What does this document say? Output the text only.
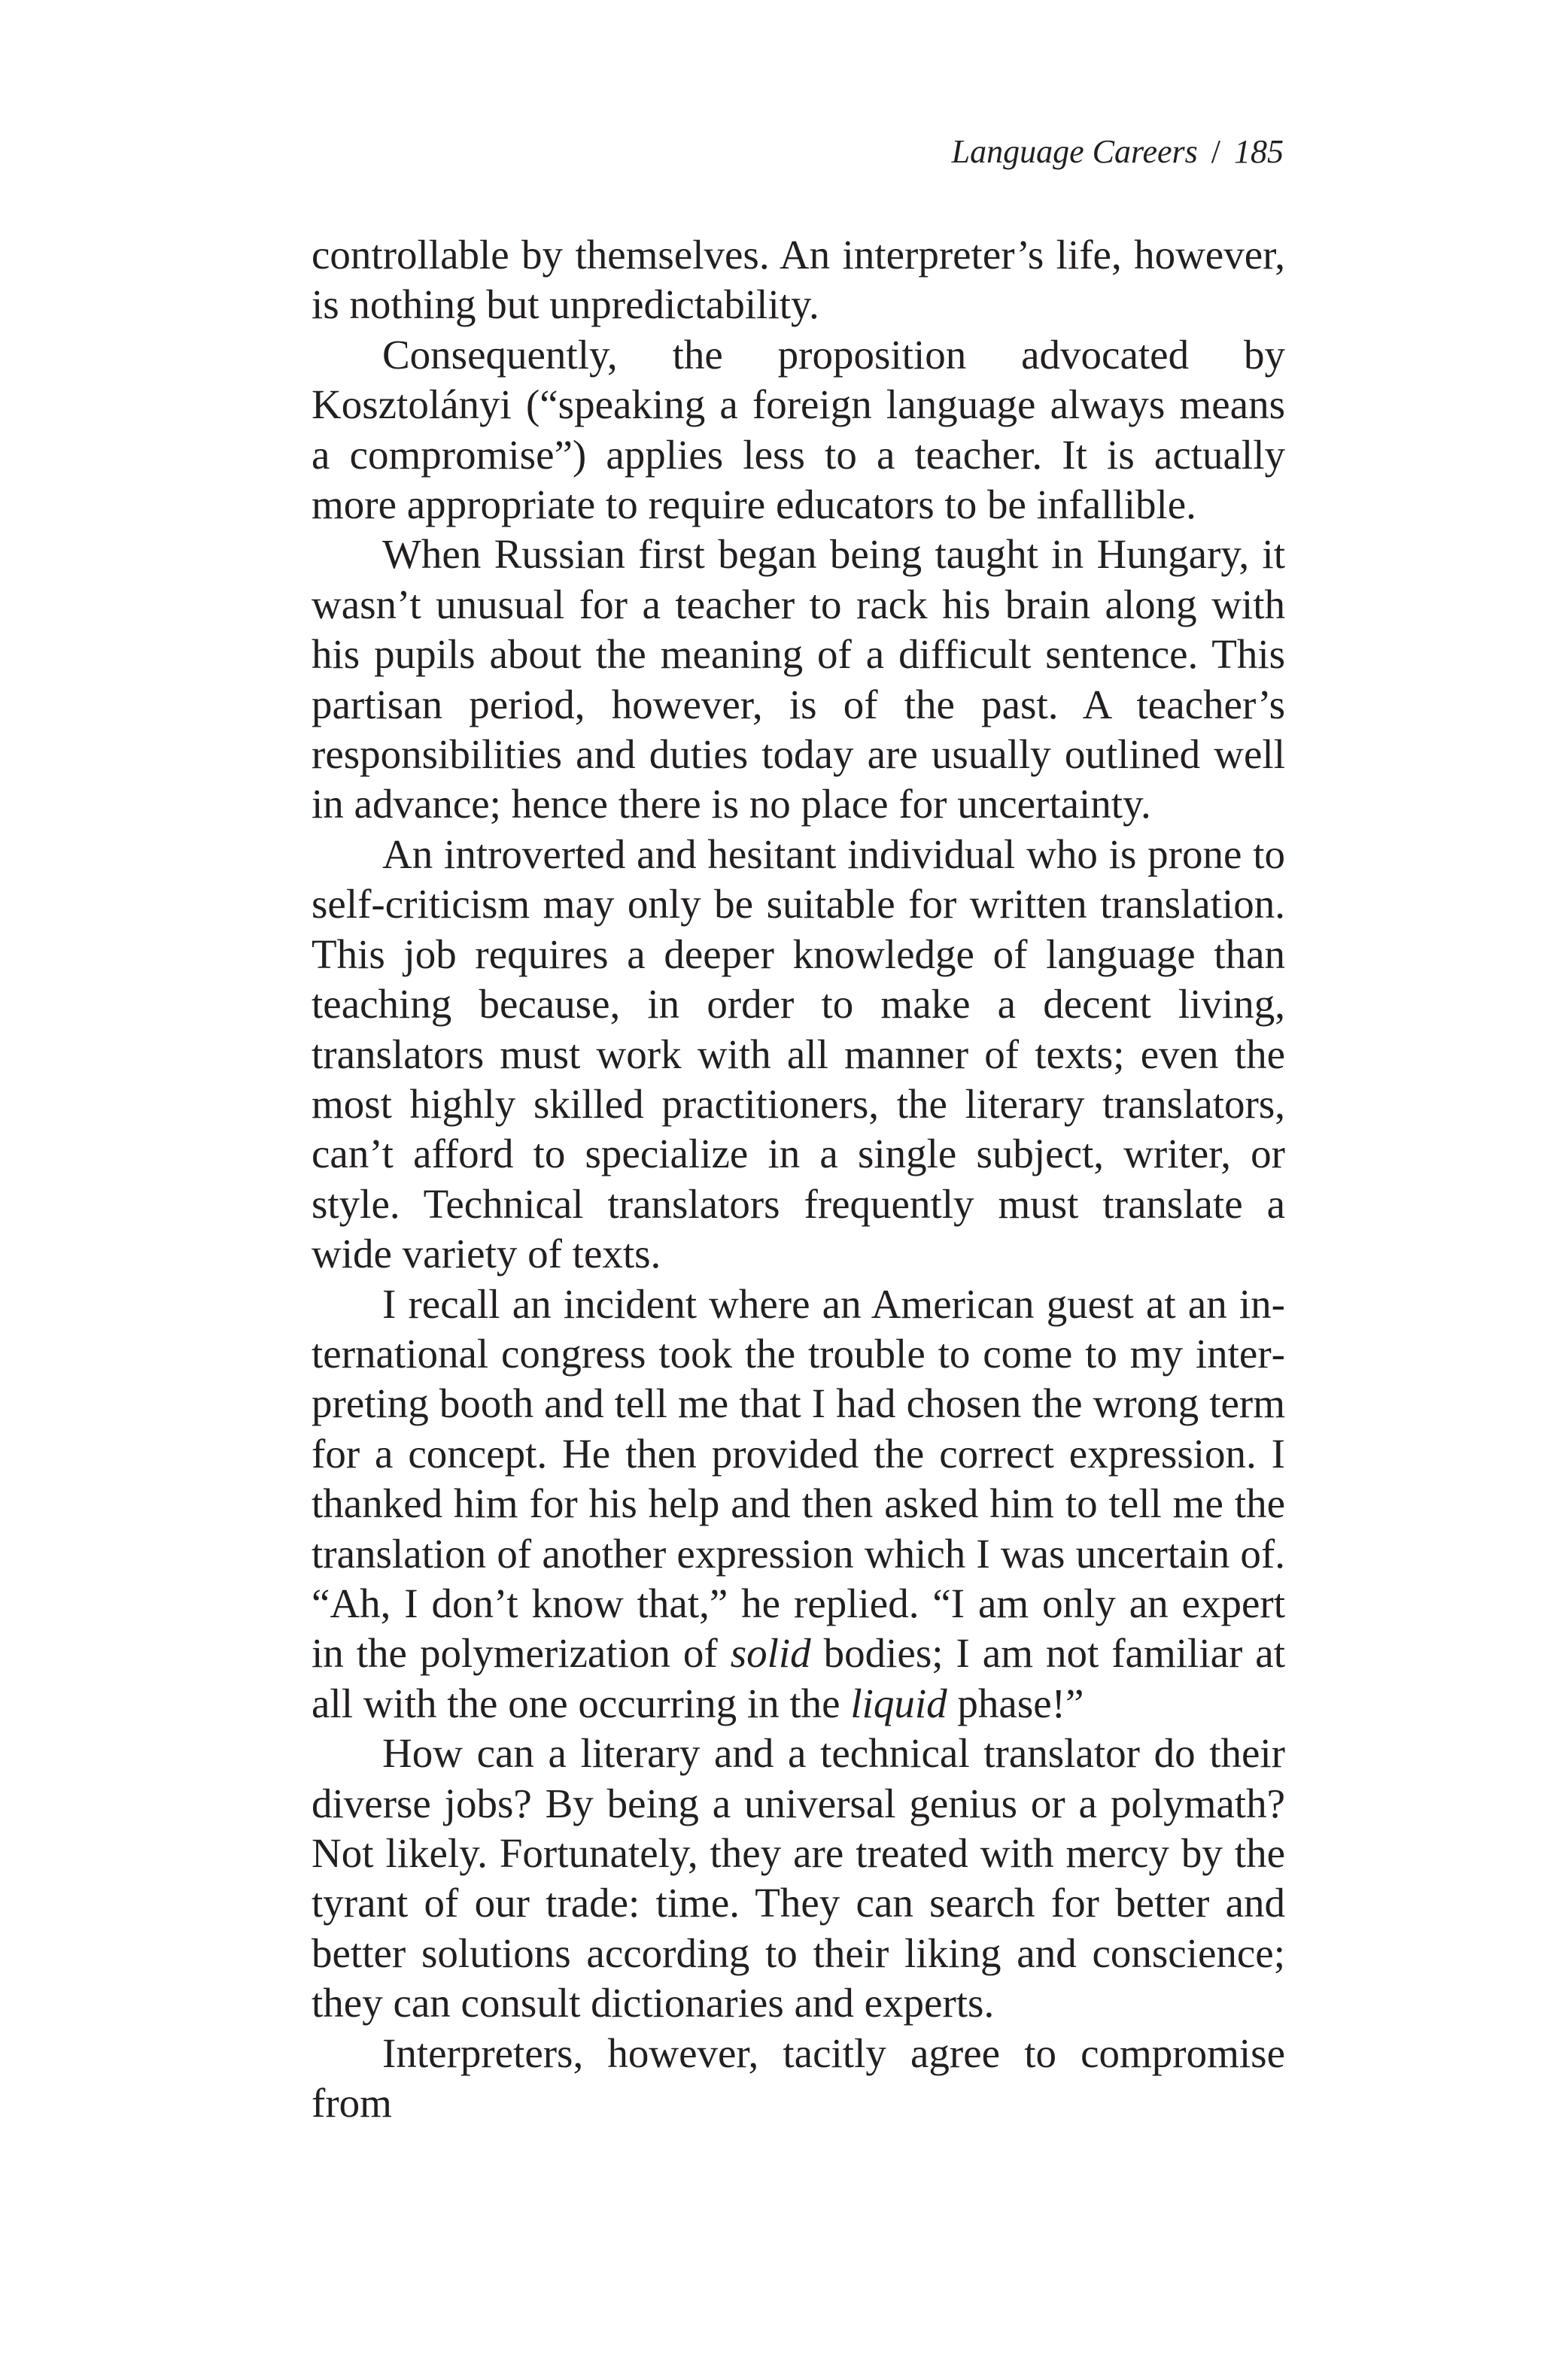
Language Careers / 185

controllable by themselves. An interpreter’s life, however, is nothing but unpredictability.

Consequently, the proposition advocated by Kosztolányi (“speaking a foreign language always means a compromise”) applies less to a teacher. It is actually more appropriate to require educators to be infallible.

When Russian first began being taught in Hungary, it wasn’t unusual for a teacher to rack his brain along with his pupils about the meaning of a difficult sentence. This partisan period, however, is of the past. A teacher’s responsibilities and duties today are usually outlined well in advance; hence there is no place for uncertainty.

An introverted and hesitant individual who is prone to self-criticism may only be suitable for written translation. This job requires a deeper knowledge of language than teaching because, in order to make a decent living, translators must work with all manner of texts; even the most highly skilled practitioners, the literary translators, can’t afford to specialize in a single subject, writer, or style. Technical translators frequently must translate a wide variety of texts.

I recall an incident where an American guest at an international congress took the trouble to come to my interpreting booth and tell me that I had chosen the wrong term for a concept. He then provided the correct expression. I thanked him for his help and then asked him to tell me the translation of another expression which I was uncertain of. “Ah, I don’t know that,” he replied. “I am only an expert in the polymerization of solid bodies; I am not familiar at all with the one occurring in the liquid phase!”

How can a literary and a technical translator do their diverse jobs? By being a universal genius or a polymath? Not likely. Fortunately, they are treated with mercy by the tyrant of our trade: time. They can search for better and better solutions according to their liking and conscience; they can consult dictionaries and experts.

Interpreters, however, tacitly agree to compromise from
